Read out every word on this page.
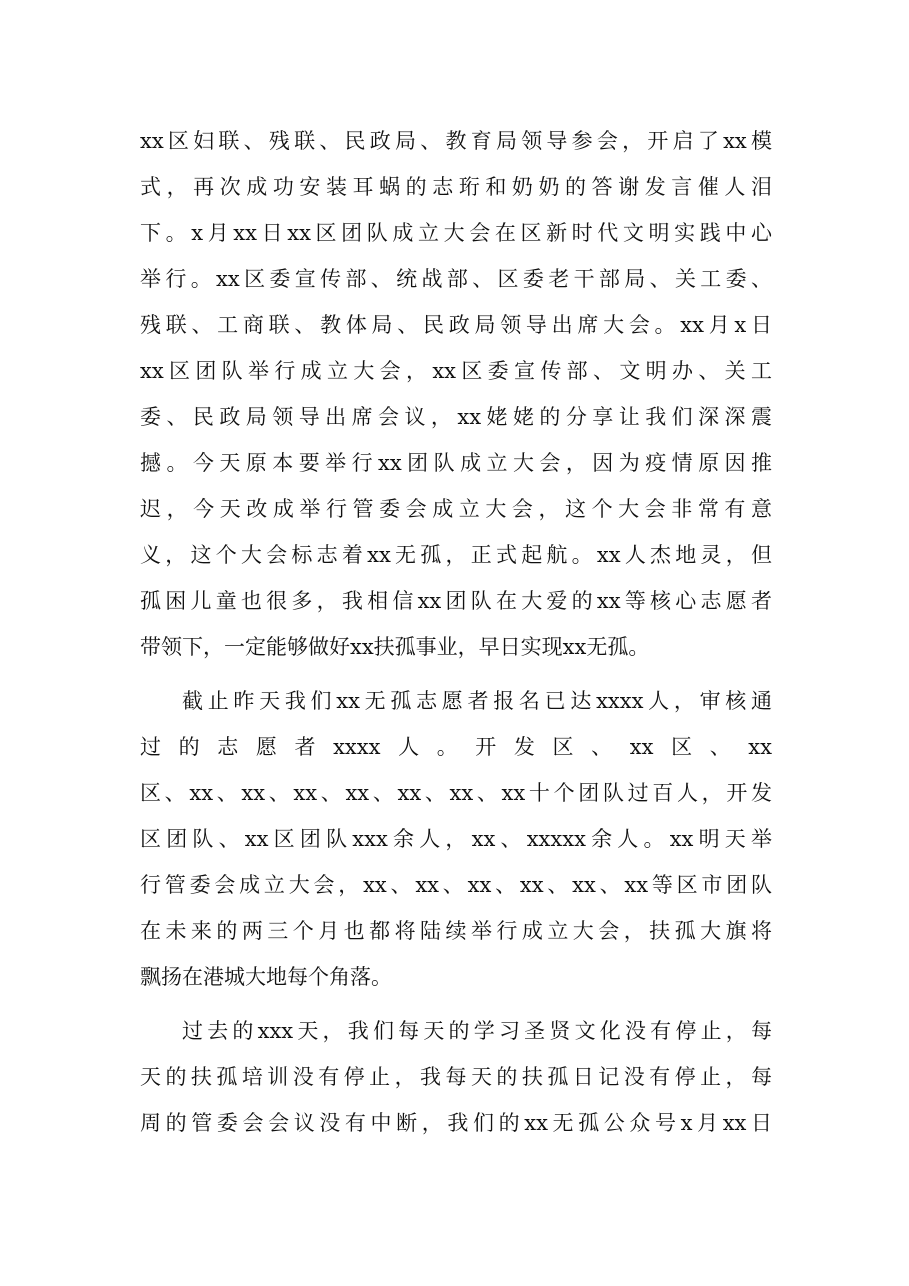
xx区妇联、残联、民政局、教育局领导参会，开启了xx模
式，再次成功安装耳蜗的志珩和奶奶的答谢发言催人泪
下。x月xx日xx区团队成立大会在区新时代文明实践中心
举行。xx区委宣传部、统战部、区委老干部局、关工委、
残联、工商联、教体局、民政局领导出席大会。xx月x日
xx区团队举行成立大会，xx区委宣传部、文明办、关工
委、民政局领导出席会议，xx姥姥的分享让我们深深震
撼。今天原本要举行xx团队成立大会，因为疫情原因推
迟，今天改成举行管委会成立大会，这个大会非常有意
义，这个大会标志着xx无孤，正式起航。xx人杰地灵，但
孤困儿童也很多，我相信xx团队在大爱的xx等核心志愿者
带领下，一定能够做好xx扶孤事业，早日实现xx无孤。
截止昨天我们xx无孤志愿者报名已达xxxx人，审核通
过的志愿者xxxx人。开发区、xx区、xx
区、xx、xx、xx、xx、xx、xx、xx十个团队过百人，开发
区团队、xx区团队xxx余人，xx、xxxxx余人。xx明天举
行管委会成立大会，xx、xx、xx、xx、xx、xx等区市团队
在未来的两三个月也都将陆续举行成立大会，扶孤大旗将
飘扬在港城大地每个角落。
过去的xxx天，我们每天的学习圣贤文化没有停止，每
天的扶孤培训没有停止，我每天的扶孤日记没有停止，每
周的管委会会议没有中断，我们的xx无孤公众号x月xx日
